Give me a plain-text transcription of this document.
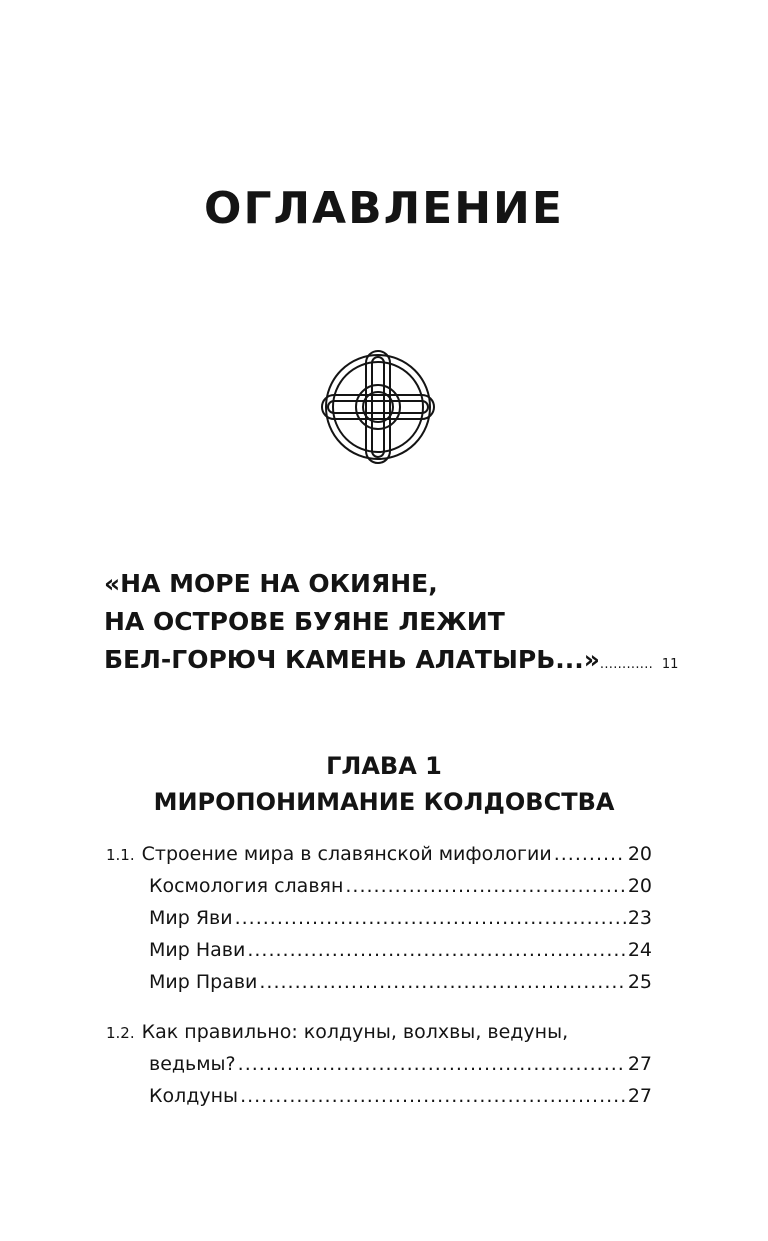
ОГЛАВЛЕНИЕ
«НА МОРЕ НА ОКИЯНЕ,
НА ОСТРОВЕ БУЯНЕ ЛЕЖИТ
БЕЛ-ГОРЮЧ КАМЕНЬ АЛАТЫРЬ...»............ 11
ГЛАВА 1
МИРОПОНИМАНИЕ КОЛДОВСТВА
1.1. Строение мира в славянской мифологии .....	20
Космология славян .....	20
Мир Яви .....	23
Мир Нави .....	24
Мир Прави .....	25
1.2. Как правильно: колдуны, волхвы, ведуны,
ведьмы? .....	27
Колдуны .....	27
